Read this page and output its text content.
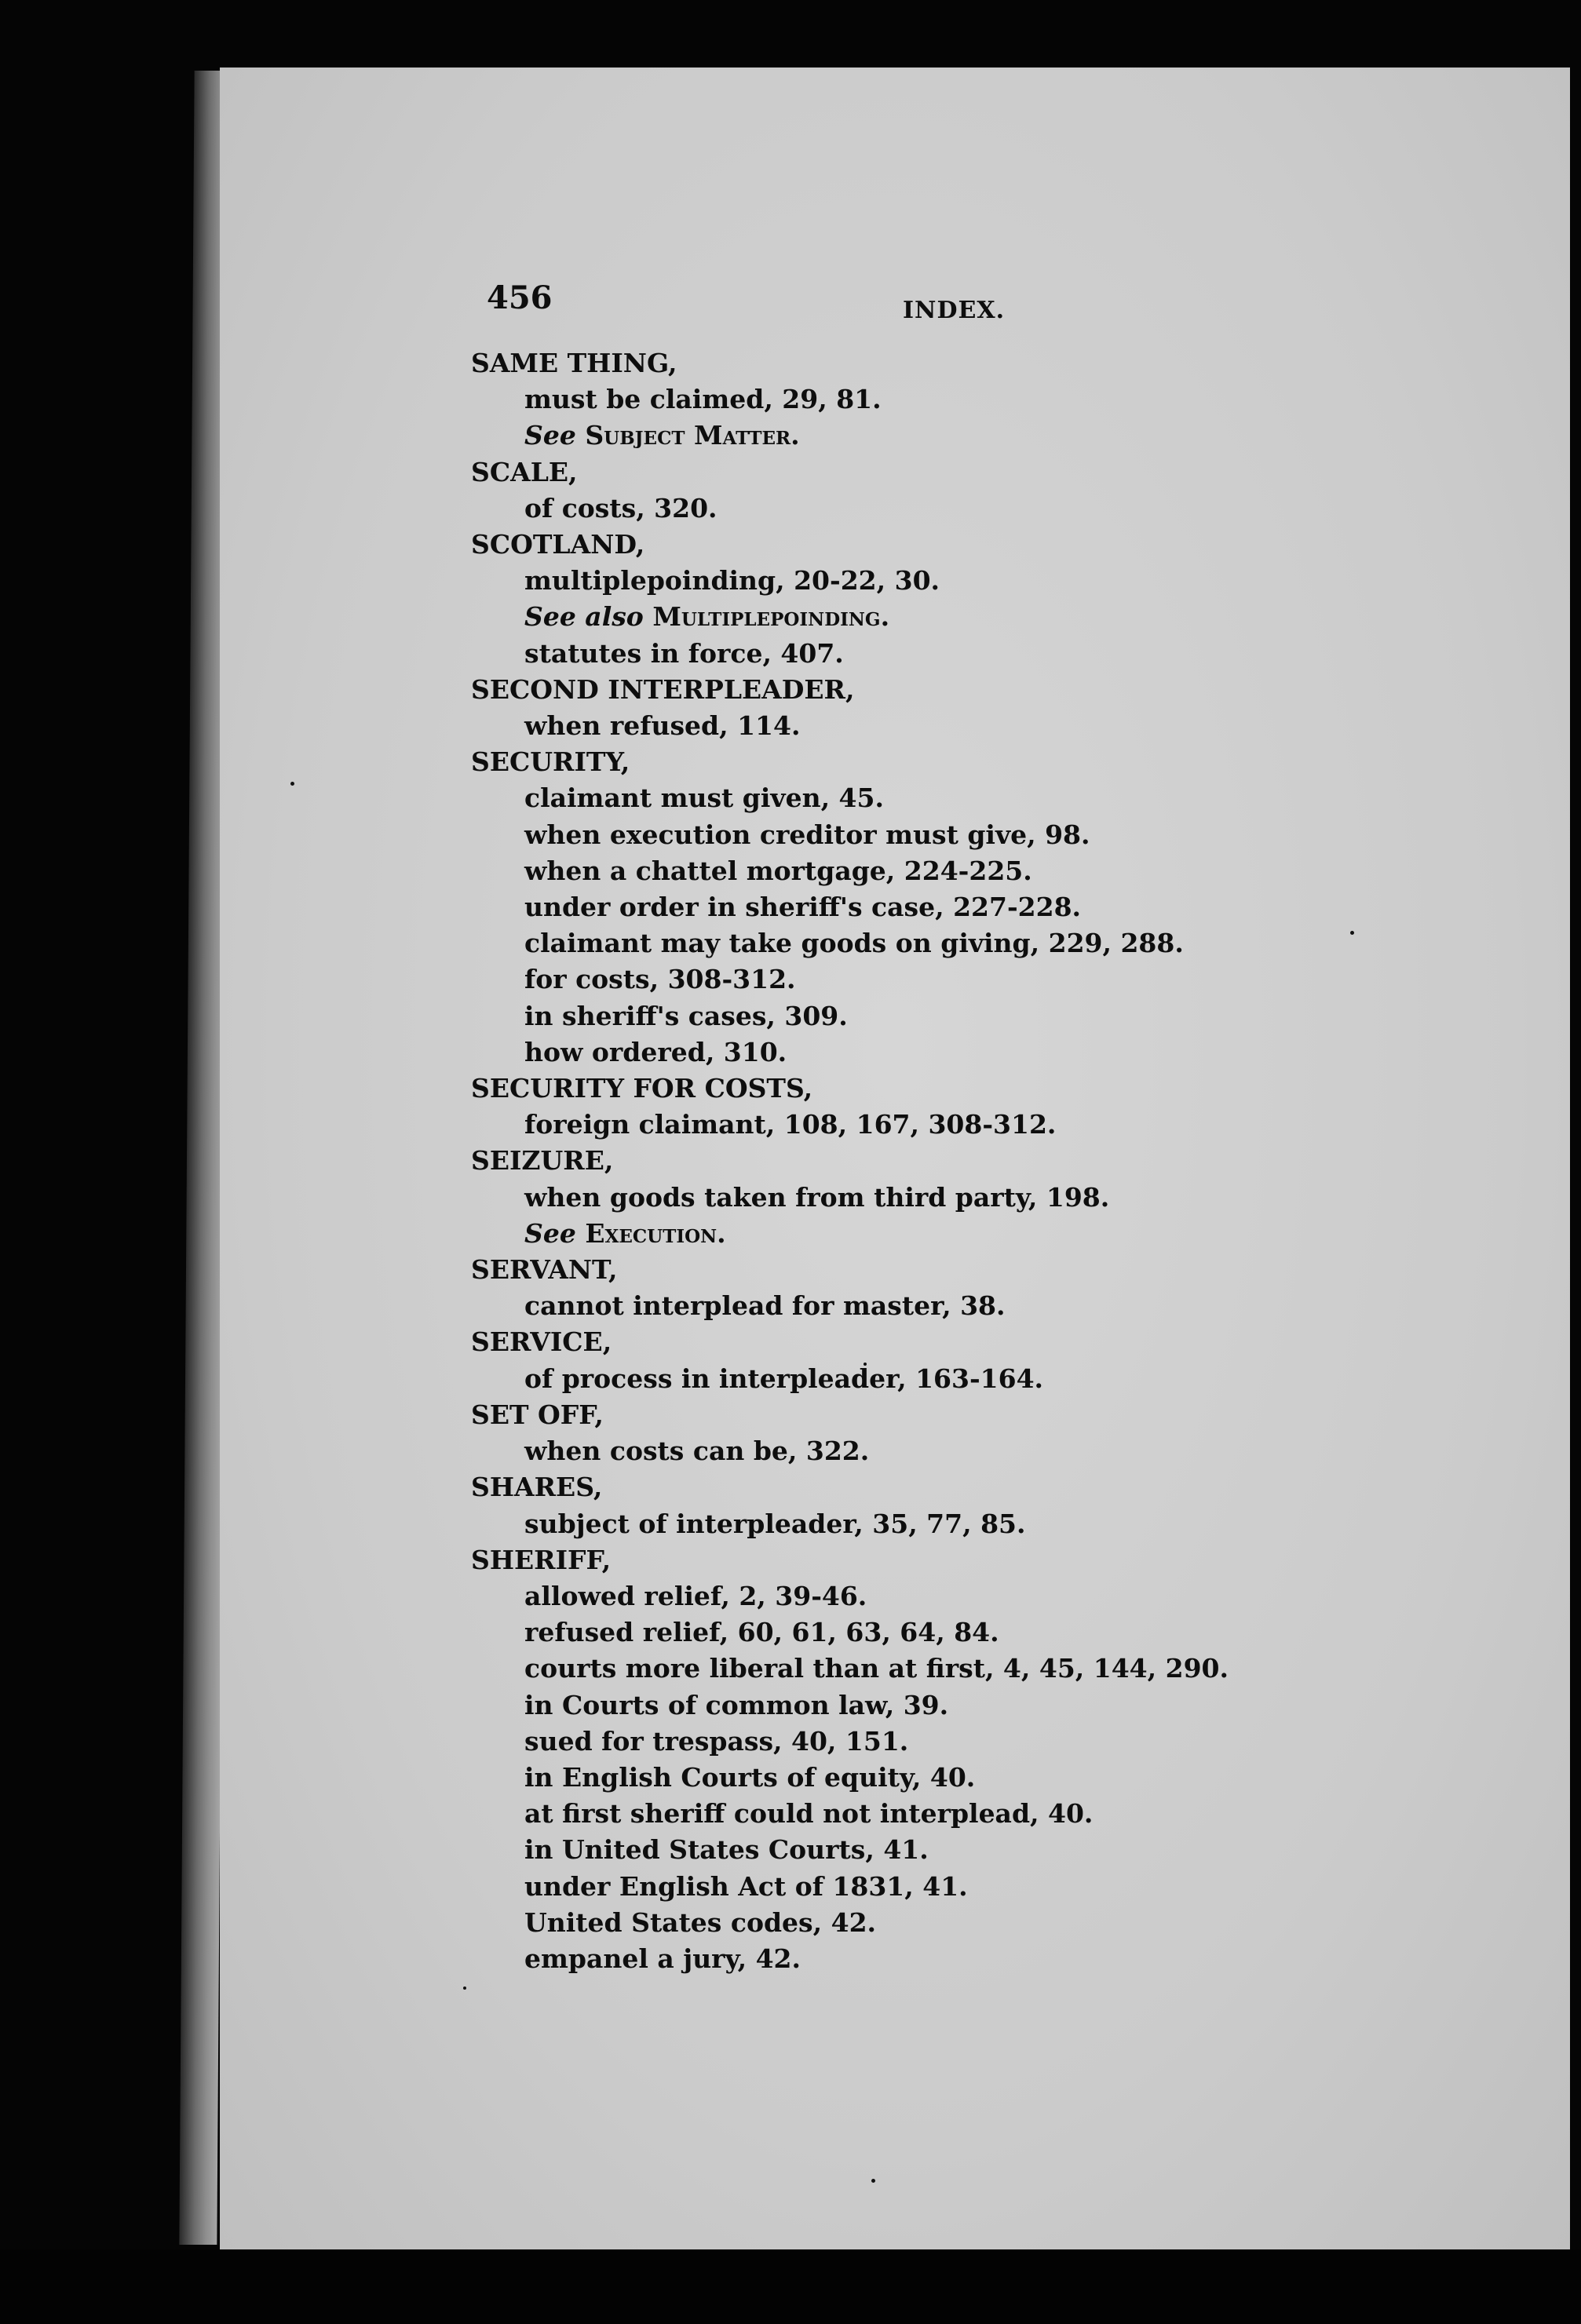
456	INDEX.
SAME THING,
must be claimed, 29, 81.
See Subject Matter.
SCALE,
of costs, 320.
SCOTLAND,
multiplepoinding, 20-22, 30.
See also Multiplepoinding.
statutes in force, 407.
SECOND INTERPLEADER,
when refused, 114.
SECURITY,
claimant must given, 45.
when execution creditor must give, 98.
when a chattel mortgage, 224-225.
under order in sheriff's case, 227-228.
claimant may take goods on giving, 229, 288.
for costs, 308-312.
in sheriff's cases, 309.
how ordered, 310.
SECURITY FOR COSTS,
foreign claimant, 108, 167, 308-312.
SEIZURE,
when goods taken from third party, 198.
See Execution.
SERVANT,
cannot interplead for master, 38.
SERVICE,
of process in interpleader, 163-164.
SET OFF,
when costs can be, 322.
SHARES,
subject of interpleader, 35, 77, 85.
SHERIFF,
allowed relief, 2, 39-46.
refused relief, 60, 61, 63, 64, 84.
courts more liberal than at first, 4, 45, 144, 290.
in Courts of common law, 39.
sued for trespass, 40, 151.
in English Courts of equity, 40.
at first sheriff could not interplead, 40.
in United States Courts, 41.
under English Act of 1831, 41.
United States codes, 42.
empanel a jury, 42.
